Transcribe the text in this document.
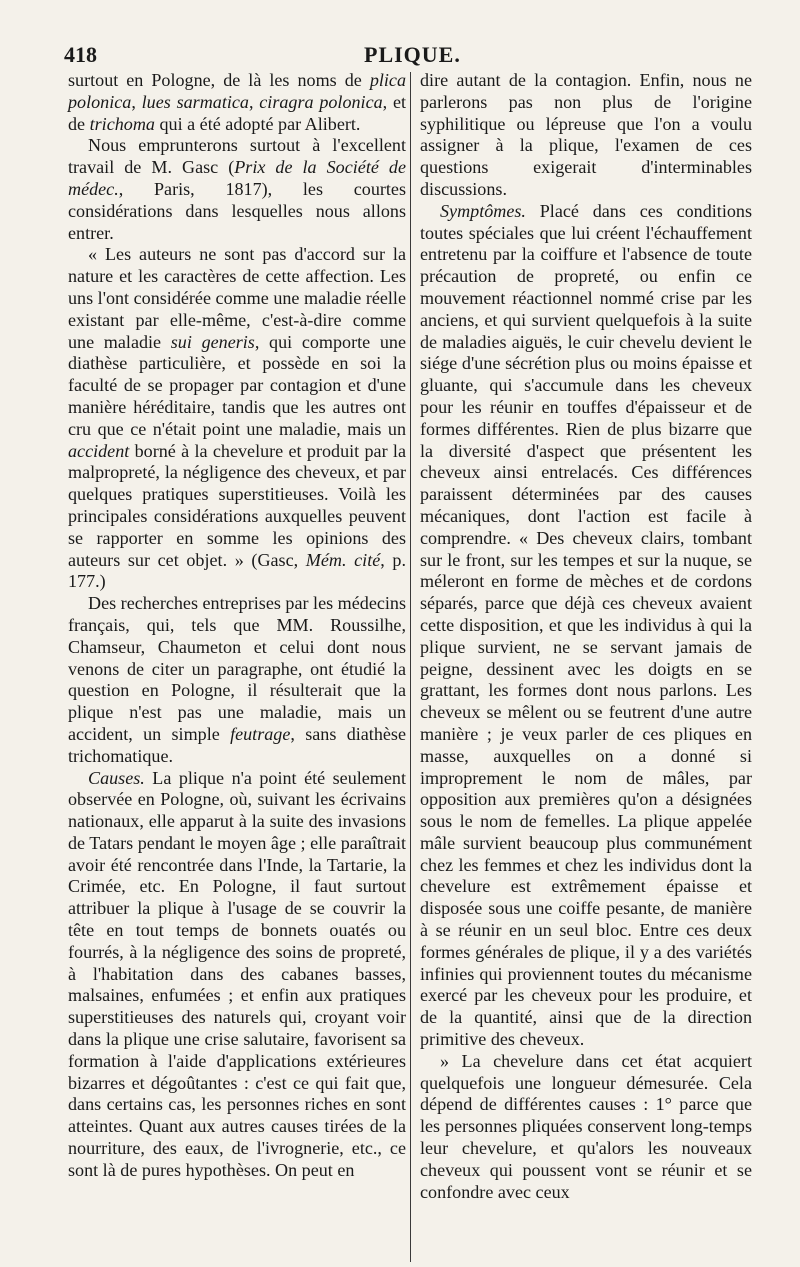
418	PLIQUE.

surtout en Pologne, de là les noms de plica polonica, lues sarmatica, ciragra polonica, et de trichoma qui a été adopté par Alibert.

Nous emprunterons surtout à l'excellent travail de M. Gasc (Prix de la Société de médec., Paris, 1817), les courtes considérations dans lesquelles nous allons entrer.

« Les auteurs ne sont pas d'accord sur la nature et les caractères de cette affection. Les uns l'ont considérée comme une maladie réelle existant par elle-même, c'est-à-dire comme une maladie sui generis, qui comporte une diathèse particulière, et possède en soi la faculté de se propager par contagion et d'une manière héréditaire, tandis que les autres ont cru que ce n'était point une maladie, mais un accident borné à la chevelure et produit par la malpropreté, la négligence des cheveux, et par quelques pratiques superstitieuses. Voilà les principales considérations auxquelles peuvent se rapporter en somme les opinions des auteurs sur cet objet. » (Gasc, Mém. cité, p. 177.)

Des recherches entreprises par les médecins français, qui, tels que MM. Roussilhe, Chamseur, Chaumeton et celui dont nous venons de citer un paragraphe, ont étudié la question en Pologne, il résulterait que la plique n'est pas une maladie, mais un accident, un simple feutrage, sans diathèse trichomatique.

Causes. La plique n'a point été seulement observée en Pologne, où, suivant les écrivains nationaux, elle apparut à la suite des invasions de Tatars pendant le moyen âge ; elle paraîtrait avoir été rencontrée dans l'Inde, la Tartarie, la Crimée, etc. En Pologne, il faut surtout attribuer la plique à l'usage de se couvrir la tête en tout temps de bonnets ouatés ou fourrés, à la négligence des soins de propreté, à l'habitation dans des cabanes basses, malsaines, enfumées ; et enfin aux pratiques superstitieuses des naturels qui, croyant voir dans la plique une crise salutaire, favorisent sa formation à l'aide d'applications extérieures bizarres et dégoûtantes : c'est ce qui fait que, dans certains cas, les personnes riches en sont atteintes. Quant aux autres causes tirées de la nourriture, des eaux, de l'ivrognerie, etc., ce sont là de pures hypothèses. On peut en

dire autant de la contagion. Enfin, nous ne parlerons pas non plus de l'origine syphilitique ou lépreuse que l'on a voulu assigner à la plique, l'examen de ces questions exigerait d'interminables discussions.

Symptômes. Placé dans ces conditions toutes spéciales que lui créent l'échauffement entretenu par la coiffure et l'absence de toute précaution de propreté, ou enfin ce mouvement réactionnel nommé crise par les anciens, et qui survient quelquefois à la suite de maladies aiguës, le cuir chevelu devient le siége d'une sécrétion plus ou moins épaisse et gluante, qui s'accumule dans les cheveux pour les réunir en touffes d'épaisseur et de formes différentes. Rien de plus bizarre que la diversité d'aspect que présentent les cheveux ainsi entrelacés. Ces différences paraissent déterminées par des causes mécaniques, dont l'action est facile à comprendre. « Des cheveux clairs, tombant sur le front, sur les tempes et sur la nuque, se méleront en forme de mèches et de cordons séparés, parce que déjà ces cheveux avaient cette disposition, et que les individus à qui la plique survient, ne se servant jamais de peigne, dessinent avec les doigts en se grattant, les formes dont nous parlons. Les cheveux se mêlent ou se feutrent d'une autre manière ; je veux parler de ces pliques en masse, auxquelles on a donné si improprement le nom de mâles, par opposition aux premières qu'on a désignées sous le nom de femelles. La plique appelée mâle survient beaucoup plus communément chez les femmes et chez les individus dont la chevelure est extrêmement épaisse et disposée sous une coiffe pesante, de manière à se réunir en un seul bloc. Entre ces deux formes générales de plique, il y a des variétés infinies qui proviennent toutes du mécanisme exercé par les cheveux pour les produire, et de la quantité, ainsi que de la direction primitive des cheveux.

» La chevelure dans cet état acquiert quelquefois une longueur démesurée. Cela dépend de différentes causes : 1° parce que les personnes pliquées conservent long-temps leur chevelure, et qu'alors les nouveaux cheveux qui poussent vont se réunir et se confondre avec ceux
